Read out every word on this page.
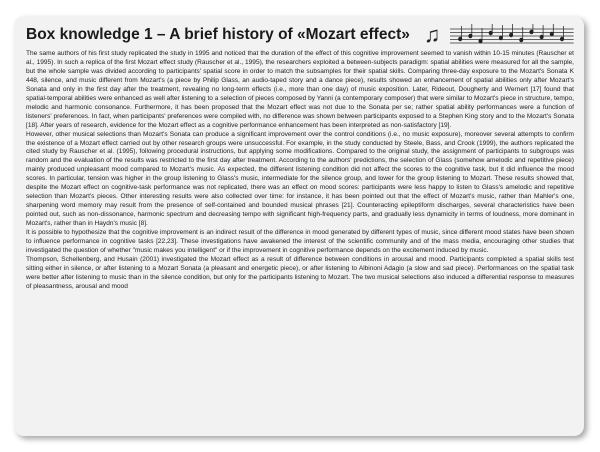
Box knowledge 1 – A brief history of «Mozart effect» ♫

The same authors of his first study replicated the study in 1995 and noticed that the duration of the effect of this cognitive improvement seemed to vanish within 10-15 minutes (Rauscher et al., 1995). In such a replica of the first Mozart effect study (Rauscher et al., 1995), the researchers exploited a between-subjects paradigm: spatial abilities were measured for all the sample, but the whole sample was divided according to participants' spatial score in order to match the subsamples for their spatial skills. Comparing three-day exposure to the Mozart's Sonata K 448, silence, and music different from Mozart's (a piece by Philip Glass, an audio-taped story and a dance piece), results showed an enhancement of spatial abilities only after Mozart's Sonata and only in the first day after the treatment, revealing no long-term effects (i.e., more than one day) of music exposition. Later, Rideout, Dougherty and Wernert [17] found that spatial-temporal abilities were enhanced as well after listening to a selection of pieces composed by Yanni (a contemporary composer) that were similar to Mozart's piece in structure, tempo, melodic and harmonic consonance. Furthermore, it has been proposed that the Mozart effect was not due to the Sonata per se; rather spatial ability performances were a function of listeners' preferences. In fact, when participants' preferences were compiled with, no difference was shown between participants exposed to a Stephen King story and to the Mozart's Sonata [18]. After years of research, evidence for the Mozart effect as a cognitive performance enhancement has been interpreted as non-satisfactory [19].

However, other musical selections than Mozart's Sonata can produce a significant improvement over the control conditions (i.e., no music exposure), moreover several attempts to confirm the existence of a Mozart effect carried out by other research groups were unsuccessful. For example, in the study conducted by Steele, Bass, and Crook (1999), the authors replicated the cited study by Rauscher et al. (1995), following procedural instructions, but applying some modifications. Compared to the original study, the assignment of participants to subgroups was random and the evaluation of the results was restricted to the first day after treatment. According to the authors' predictions, the selection of Glass (somehow amelodic and repetitive piece) mainly produced unpleasant mood compared to Mozart's music. As expected, the different listening condition did not affect the scores to the cognitive task, but it did influence the mood scores. In particular, tension was higher in the group listening to Glass's music, intermediate for the silence group, and lower for the group listening to Mozart. These results showed that, despite the Mozart effect on cognitive-task performance was not replicated, there was an effect on mood scores: participants were less happy to listen to Glass's amelodic and repetitive selection than Mozart's pieces. Other interesting results were also collected over time: for instance, it has been pointed out that the effect of Mozart's music, rather than Mahler's one, sharpening word memory may result from the presence of self-contained and bounded musical phrases [21]. Counteracting epileptiform discharges, several characteristics have been pointed out, such as non-dissonance, harmonic spectrum and decreasing tempo with significant high-frequency parts, and gradually less dynamicity in terms of loudness, more dominant in Mozart's, rather than in Haydn's music [8].

It is possible to hypothesize that the cognitive improvement is an indirect result of the difference in mood generated by different types of music, since different mood states have been shown to influence performance in cognitive tasks [22,23]. These investigations have awakened the interest of the scientific community and of the mass media, encouraging other studies that investigated the question of whether "music makes you intelligent" or if the improvement in cognitive performance depends on the excitement induced by music.

Thompson, Schellenberg, and Husain (2001) investigated the Mozart effect as a result of difference between conditions in arousal and mood. Participants completed a spatial skills test sitting either in silence, or after listening to a Mozart Sonata (a pleasant and energetic piece), or after listening to Albinoni Adagio (a slow and sad piece). Performances on the spatial task were better after listening to music than in the silence condition, but only for the participants listening to Mozart. The two musical selections also induced a differential response to measures of pleasantness, arousal and mood
